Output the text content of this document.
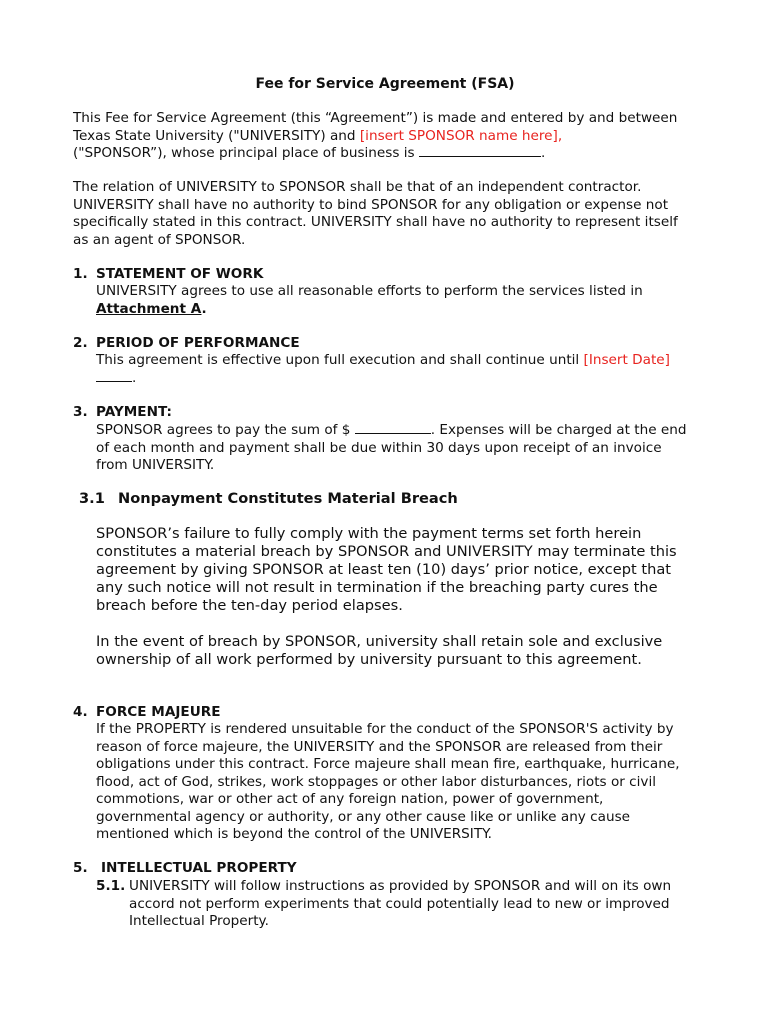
Fee for Service Agreement (FSA)

This Fee for Service Agreement (this “Agreement”) is made and entered by and between Texas State University ("UNIVERSITY) and [insert SPONSOR name here],
("SPONSOR”), whose principal place of business is	.

The relation of UNIVERSITY to SPONSOR shall be that of an independent contractor. UNIVERSITY shall have no authority to bind SPONSOR for any obligation or expense not specifically stated in this contract. UNIVERSITY shall have no authority to represent itself as an agent of SPONSOR.

1. STATEMENT OF WORK

UNIVERSITY agrees to use all reasonable efforts to perform the services listed in
Attachment A.

2. PERIOD OF PERFORMANCE

This agreement is effective upon full execution and shall continue until [Insert Date] .

3. PAYMENT:

SPONSOR agrees to pay the sum of $	. Expenses will be charged at the end of each month and payment shall be due within 30 days upon receipt of an invoice from UNIVERSITY.

3.1 Nonpayment Constitutes Material Breach

SPONSOR’s failure to fully comply with the payment terms set forth herein constitutes a material breach by SPONSOR and UNIVERSITY may terminate this agreement by giving SPONSOR at least ten (10) days’ prior notice, except that any such notice will not result in termination if the breaching party cures the breach before the ten-day period elapses.

In the event of breach by SPONSOR, university shall retain sole and exclusive ownership of all work performed by university pursuant to this agreement.

4. FORCE MAJEURE

If the PROPERTY is rendered unsuitable for the conduct of the SPONSOR'S activity by reason of force majeure, the UNIVERSITY and the SPONSOR are released from their obligations under this contract. Force majeure shall mean fire, earthquake, hurricane, flood, act of God, strikes, work stoppages or other labor disturbances, riots or civil commotions, war or other act of any foreign nation, power of government, governmental agency or authority, or any other cause like or unlike any cause mentioned which is beyond the control of the UNIVERSITY.

5. INTELLECTUAL PROPERTY
5.1. UNIVERSITY will follow instructions as provided by SPONSOR and will on its own accord not perform experiments that could potentially lead to new or improved Intellectual Property.
